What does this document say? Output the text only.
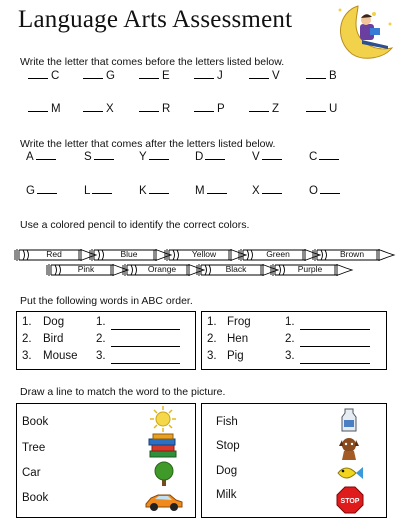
Language Arts Assessment
Write the letter that comes before the letters listed below.
Write the letter that comes after the letters listed below.
Use a colored pencil to identify the correct colors.
Put the following words in ABC order.
Draw a line to match the word to the picture.
STOP
C	G	E	J	V	B
M	X	R	P	Z	U
A	S	Y	D	V	C
G	L	K	M	X	O
Red	Blue	Yellow	Green	Brown
Pink	Orange	Black	Purple
1. Dog	1.
2. Bird	2.
3. Mouse 3.
1. Frog	1.
2. Hen	2.
3. Pig	3.
Book
Tree
Car
Book
Fish
Stop
Dog
Milk
